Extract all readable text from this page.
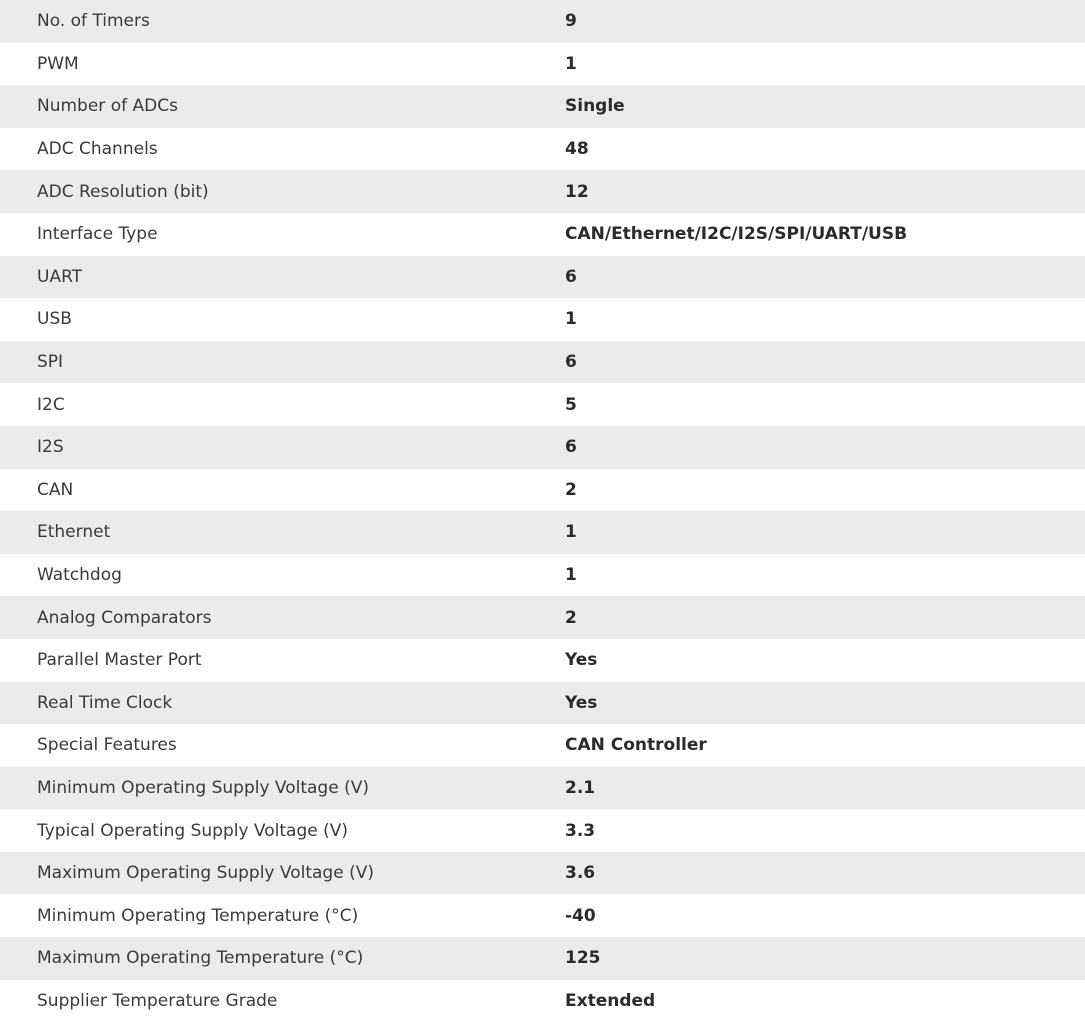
No. of Timers	9
PWM	1
Number of ADCs	Single
ADC Channels	48
ADC Resolution (bit)	12
Interface Type	CAN/Ethernet/I2C/I2S/SPI/UART/USB
UART	6
USB	1
SPI	6
I2C	5
I2S	6
CAN	2
Ethernet	1
Watchdog	1
Analog Comparators	2
Parallel Master Port	Yes
Real Time Clock	Yes
Special Features	CAN Controller
Minimum Operating Supply Voltage (V)	2.1
Typical Operating Supply Voltage (V)	3.3
Maximum Operating Supply Voltage (V)	3.6
Minimum Operating Temperature (°C)	-40
Maximum Operating Temperature (°C)	125
Supplier Temperature Grade	Extended
